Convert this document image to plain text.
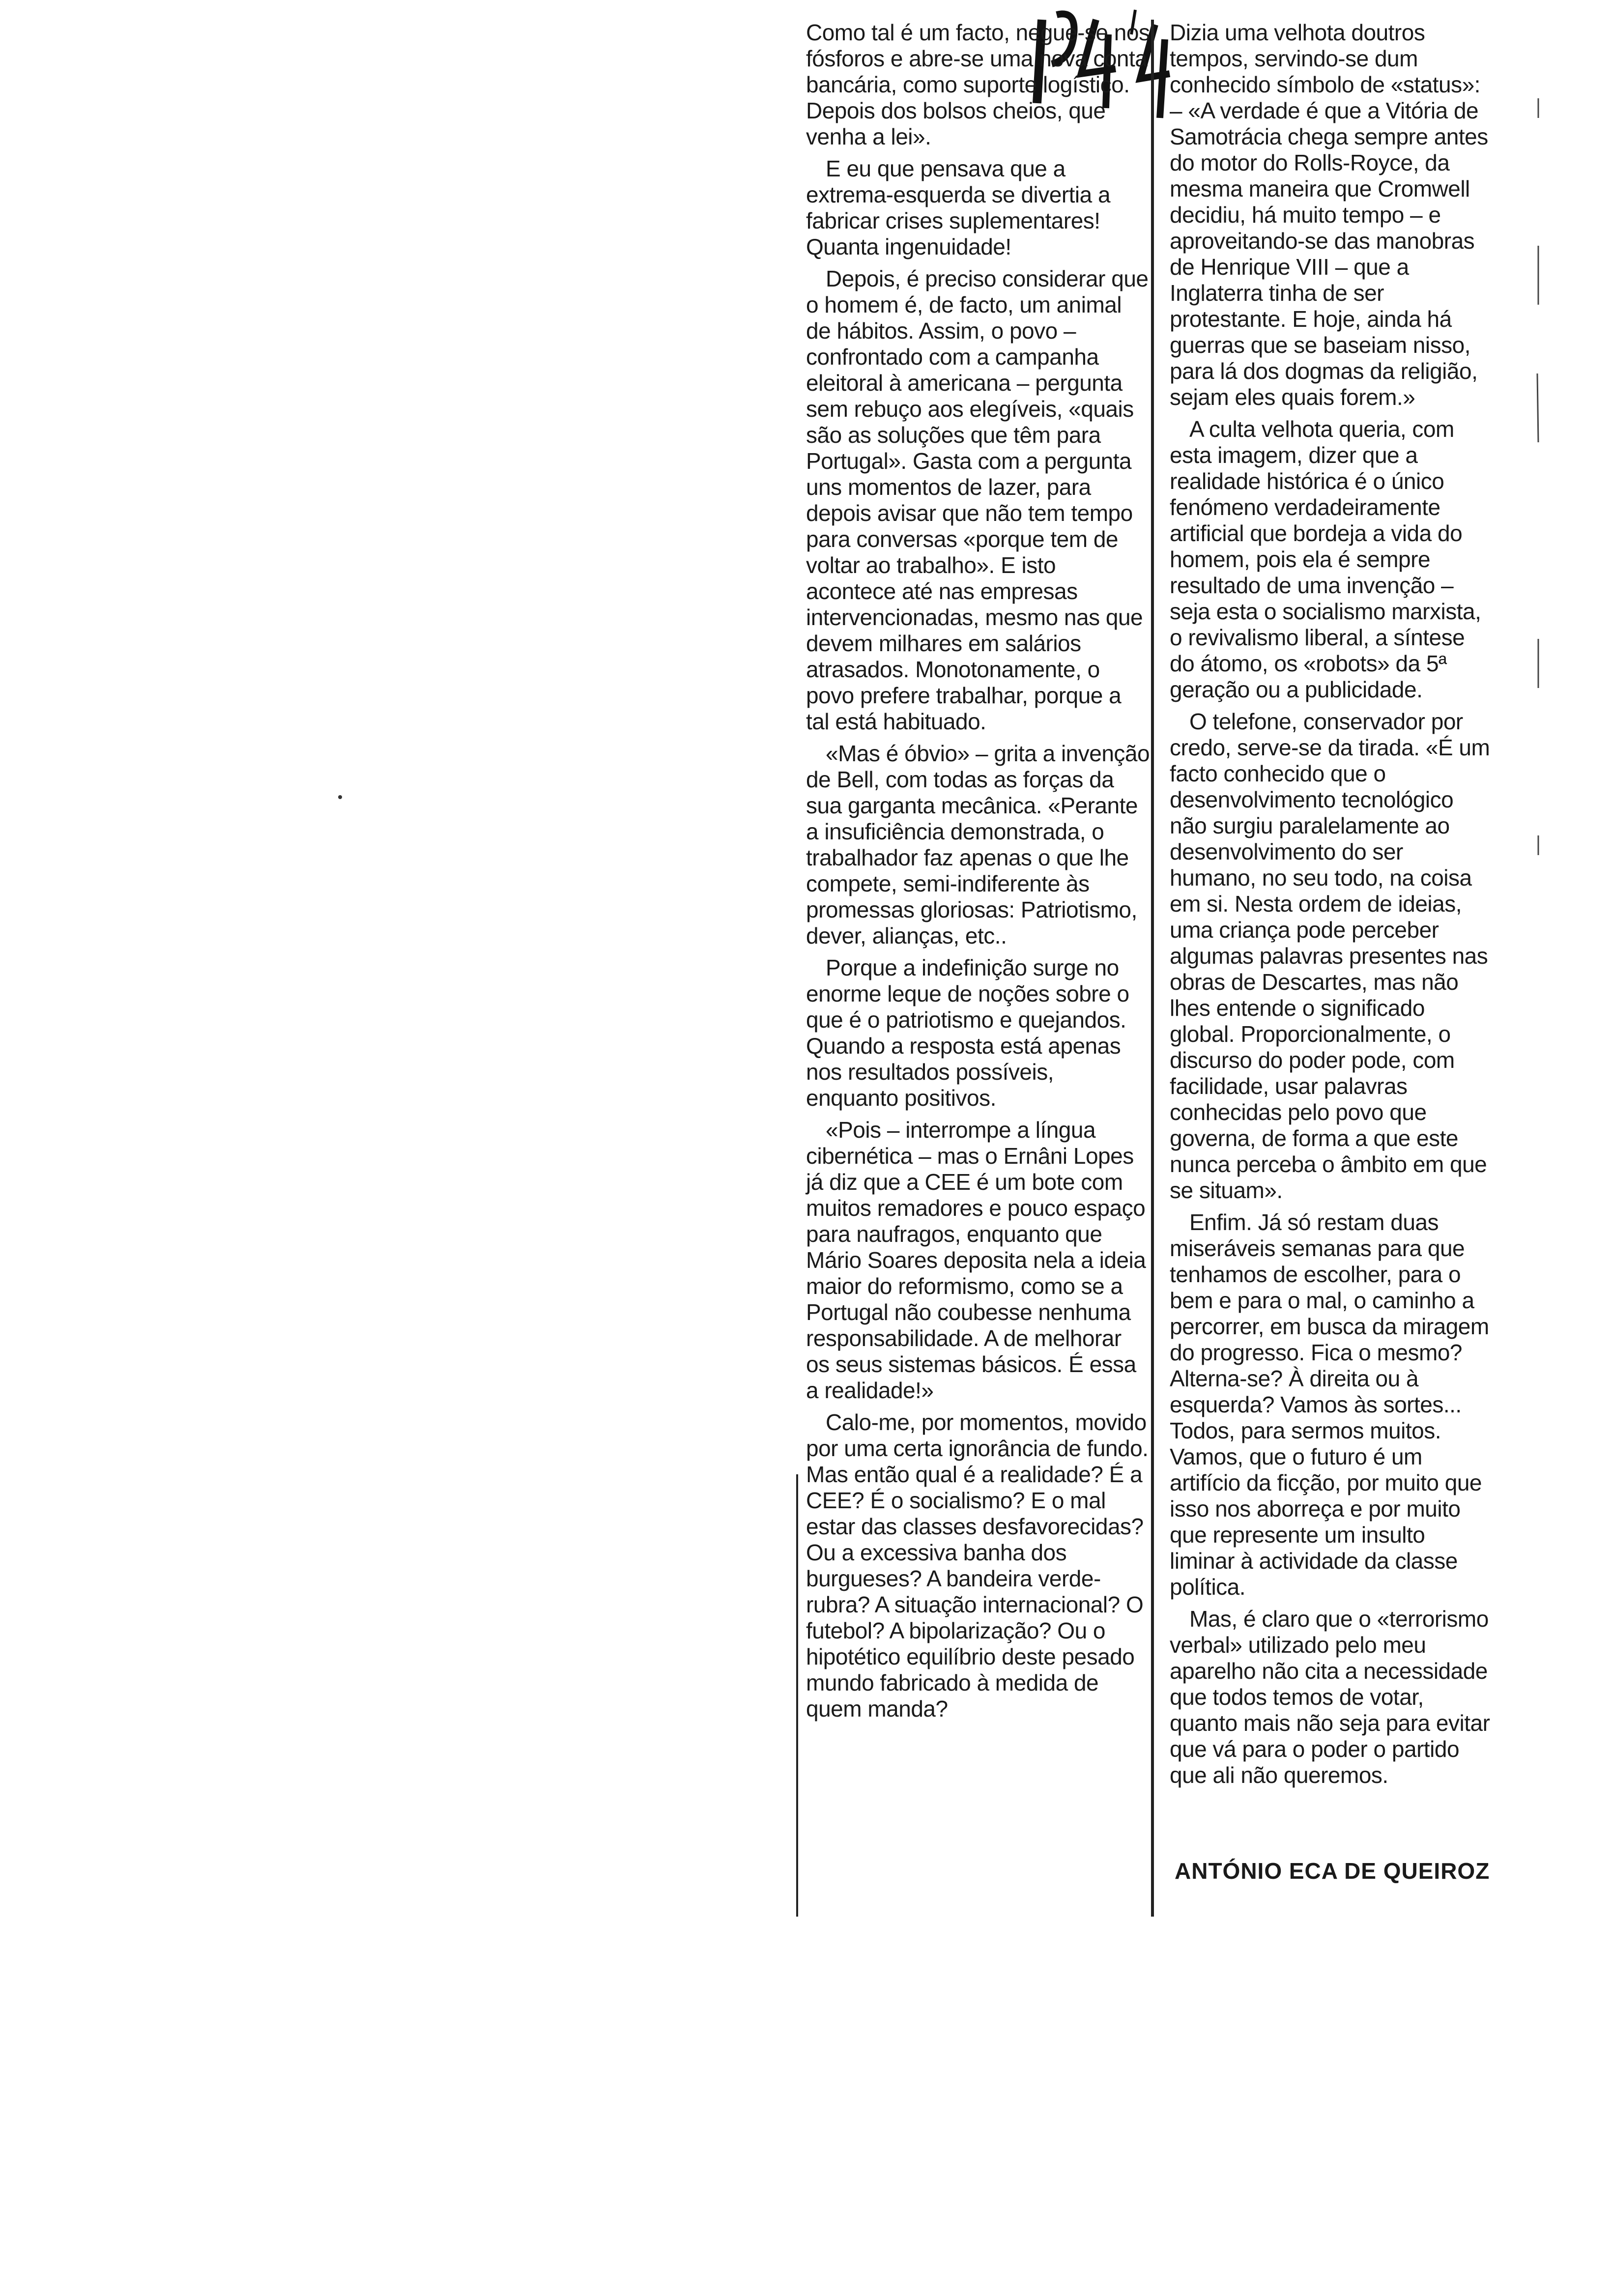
Como tal é um facto, negue-se nos fósforos e abre-se uma nova conta bancária, como suporte logístico. Depois dos bolsos cheios, que venha a lei».

E eu que pensava que a extrema-esquerda se divertia a fabricar crises suplementares! Quanta ingenuidade!

Depois, é preciso considerar que o homem é, de facto, um animal de hábitos. Assim, o povo – confrontado com a campanha eleitoral à americana – pergunta sem rebuço aos elegíveis, «quais são as soluções que têm para Portugal». Gasta com a pergunta uns momentos de lazer, para depois avisar que não tem tempo para conversas «porque tem de voltar ao trabalho». E isto acontece até nas empresas intervencionadas, mesmo nas que devem milhares em salários atrasados. Monotonamente, o povo prefere trabalhar, porque a tal está habituado.

«Mas é óbvio» – grita a invenção de Bell, com todas as forças da sua garganta mecânica. «Perante a insuficiência demonstrada, o trabalhador faz apenas o que lhe compete, semi-indiferente às promessas gloriosas: Patriotismo, dever, alianças, etc..

Porque a indefinição surge no enorme leque de noções sobre o que é o patriotismo e quejandos. Quando a resposta está apenas nos resultados possíveis, enquanto positivos.

«Pois – interrompe a língua cibernética – mas o Ernâni Lopes já diz que a CEE é um bote com muitos remadores e pouco espaço para naufragos, enquanto que Mário Soares deposita nela a ideia maior do reformismo, como se a Portugal não coubesse nenhuma responsabilidade. A de melhorar os seus sistemas básicos. É essa a realidade!»

Calo-me, por momentos, movido por uma certa ignorância de fundo. Mas então qual é a realidade? É a CEE? É o socialismo? E o mal estar das classes desfavorecidas? Ou a excessiva banha dos burgueses? A bandeira verde-rubra? A situação internacional? O futebol? A bipolarização? Ou o hipotético equilíbrio deste pesado mundo fabricado à medida de quem manda?

Dizia uma velhota doutros tempos, servindo-se dum conhecido símbolo de «status»: – «A verdade é que a Vitória de Samotrácia chega sempre antes do motor do Rolls-Royce, da mesma maneira que Cromwell decidiu, há muito tempo – e aproveitando-se das manobras de Henrique VIII – que a Inglaterra tinha de ser protestante. E hoje, ainda há guerras que se baseiam nisso, para lá dos dogmas da religião, sejam eles quais forem.»

A culta velhota queria, com esta imagem, dizer que a realidade histórica é o único fenómeno verdadeiramente artificial que bordeja a vida do homem, pois ela é sempre resultado de uma invenção – seja esta o socialismo marxista, o revivalismo liberal, a síntese do átomo, os «robots» da 5ª geração ou a publicidade.

O telefone, conservador por credo, serve-se da tirada. «É um facto conhecido que o desenvolvimento tecnológico não surgiu paralelamente ao desenvolvimento do ser humano, no seu todo, na coisa em si. Nesta ordem de ideias, uma criança pode perceber algumas palavras presentes nas obras de Descartes, mas não lhes entende o significado global. Proporcionalmente, o discurso do poder pode, com facilidade, usar palavras conhecidas pelo povo que governa, de forma a que este nunca perceba o âmbito em que se situam».

Enfim. Já só restam duas miseráveis semanas para que tenhamos de escolher, para o bem e para o mal, o caminho a percorrer, em busca da miragem do progresso. Fica o mesmo? Alterna-se? À direita ou à esquerda? Vamos às sortes... Todos, para sermos muitos. Vamos, que o futuro é um artifício da ficção, por muito que isso nos aborreça e por muito que represente um insulto liminar à actividade da classe política.

Mas, é claro que o «terrorismo verbal» utilizado pelo meu aparelho não cita a necessidade que todos temos de votar, quanto mais não seja para evitar que vá para o poder o partido que ali não queremos.

ANTÓNIO ECA DE QUEIROZ
